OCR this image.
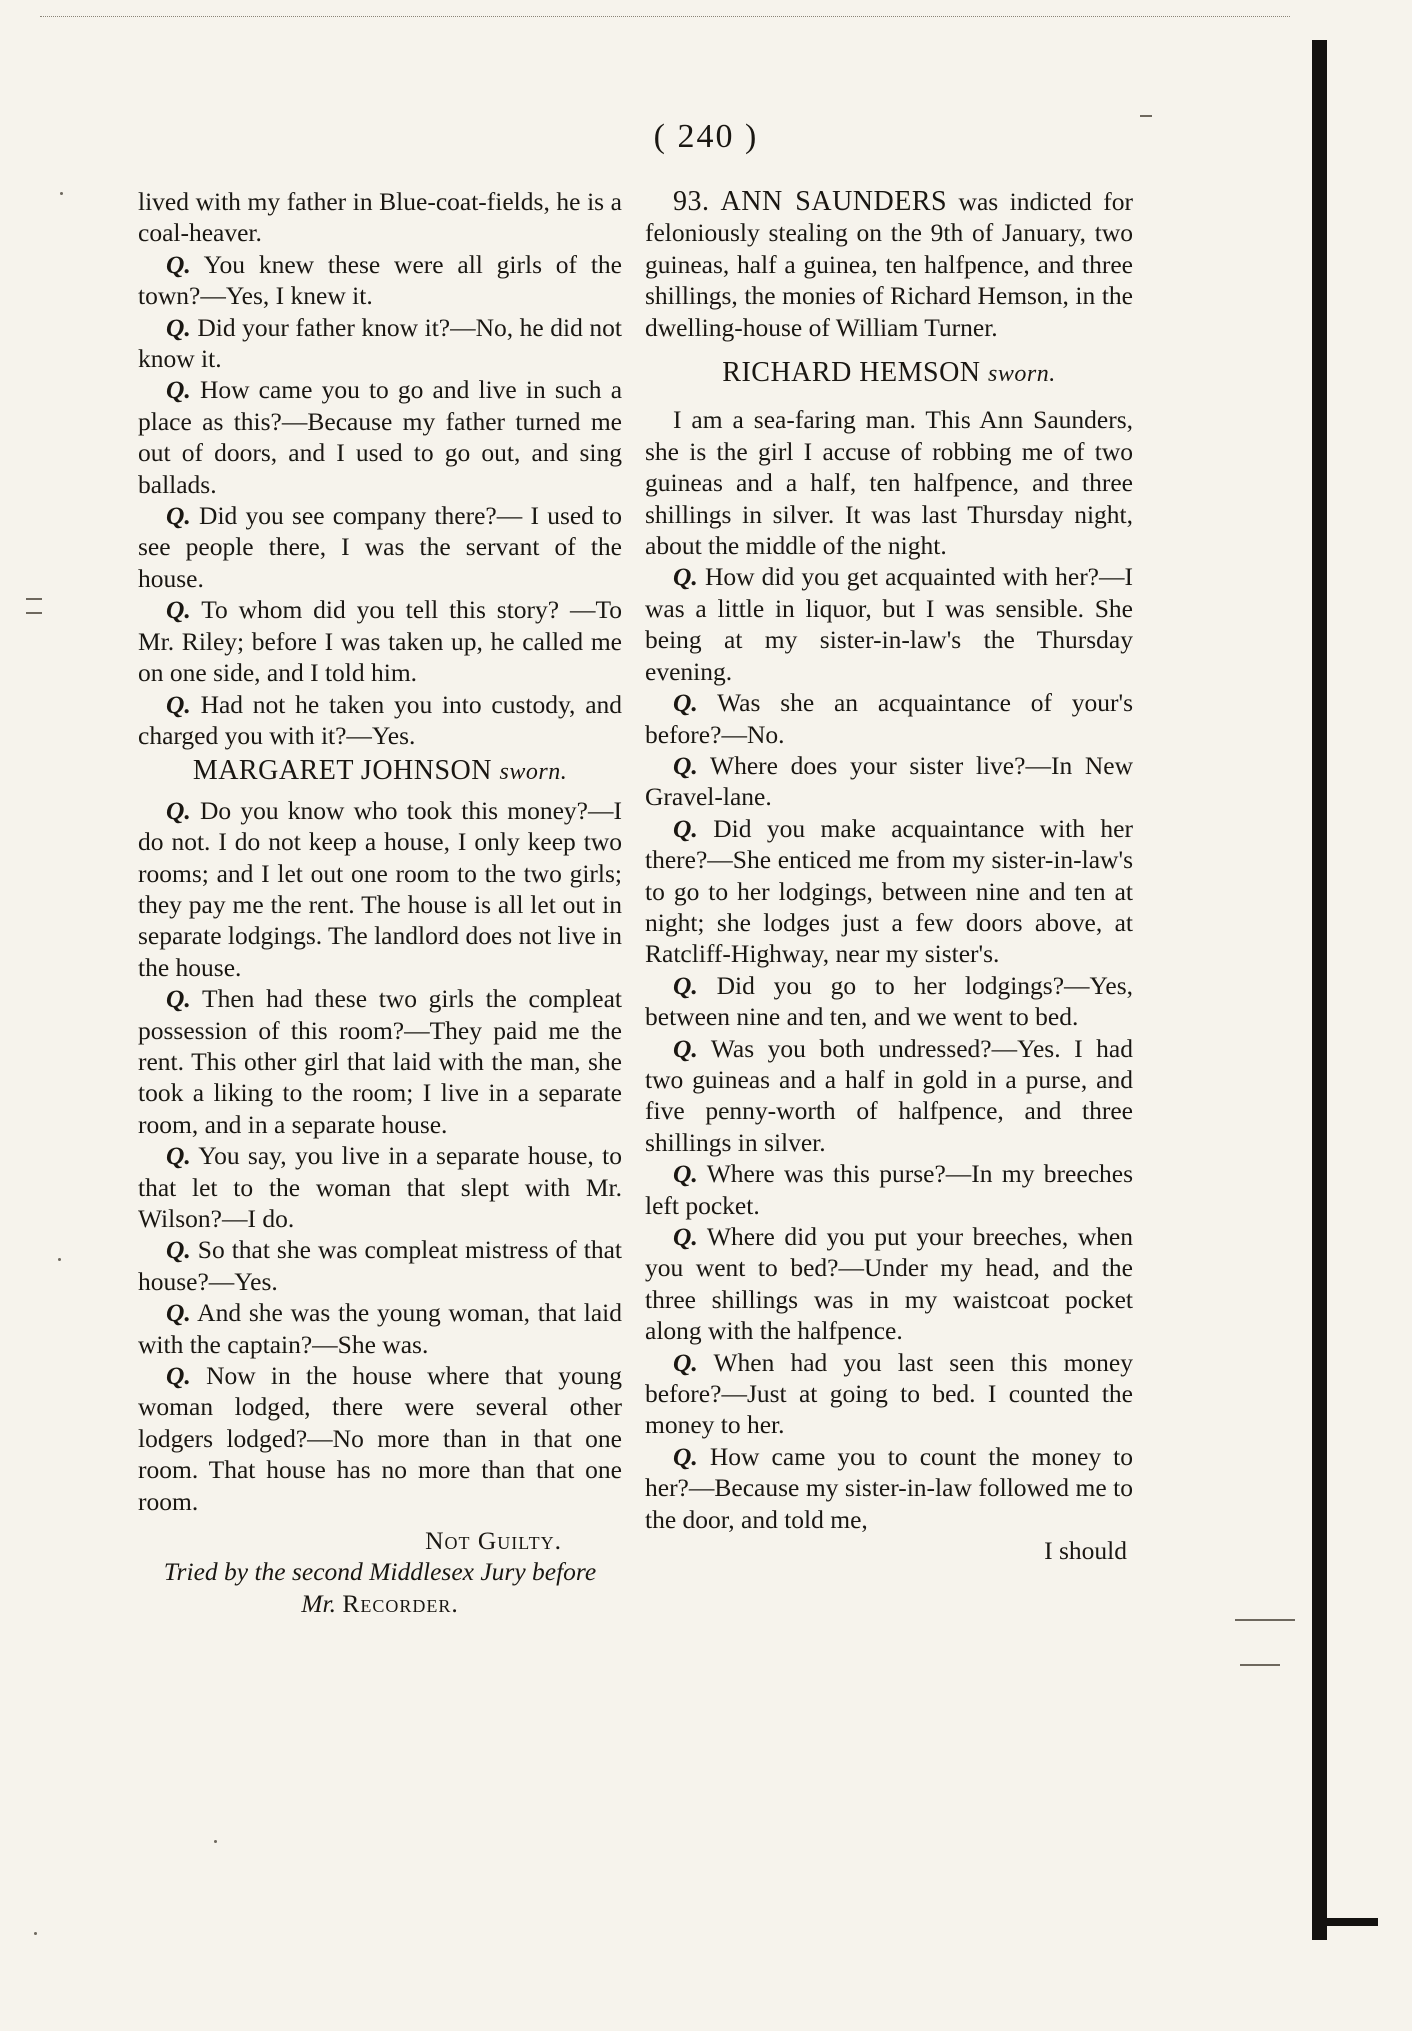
( 240 )

lived with my father in Blue-coat-fields, he is a coal-heaver.

Q. You knew these were all girls of the town?—Yes, I knew it.

Q. Did your father know it?—No, he did not know it.

Q. How came you to go and live in such a place as this?—Because my father turned me out of doors, and I used to go out, and sing ballads.

Q. Did you see company there?— I used to see people there, I was the servant of the house.

Q. To whom did you tell this story? —To Mr. Riley; before I was taken up, he called me on one side, and I told him.

Q. Had not he taken you into custody, and charged you with it?—Yes.

MARGARET JOHNSON sworn.

Q. Do you know who took this money?—I do not. I do not keep a house, I only keep two rooms; and I let out one room to the two girls; they pay me the rent. The house is all let out in separate lodgings. The landlord does not live in the house.

Q. Then had these two girls the compleat possession of this room?—They paid me the rent. This other girl that laid with the man, she took a liking to the room; I live in a separate room, and in a separate house.

Q. You say, you live in a separate house, to that let to the woman that slept with Mr. Wilson?—I do.

Q. So that she was compleat mistress of that house?—Yes.

Q. And she was the young woman, that laid with the captain?—She was.

Q. Now in the house where that young woman lodged, there were several other lodgers lodged?—No more than in that one room. That house has no more than that one room.

Not Guilty.

Tried by the second Middlesex Jury before

Mr. Recorder.

93. ANN SAUNDERS was indicted for feloniously stealing on the 9th of January, two guineas, half a guinea, ten halfpence, and three shillings, the monies of Richard Hemson, in the dwelling-house of William Turner.

RICHARD HEMSON sworn.

I am a sea-faring man. This Ann Saunders, she is the girl I accuse of robbing me of two guineas and a half, ten halfpence, and three shillings in silver. It was last Thursday night, about the middle of the night.

Q. How did you get acquainted with her?—I was a little in liquor, but I was sensible. She being at my sister-in-law's the Thursday evening.

Q. Was she an acquaintance of your's before?—No.

Q. Where does your sister live?—In New Gravel-lane.

Q. Did you make acquaintance with her there?—She enticed me from my sister-in-law's to go to her lodgings, between nine and ten at night; she lodges just a few doors above, at Ratcliff-Highway, near my sister's.

Q. Did you go to her lodgings?—Yes, between nine and ten, and we went to bed.

Q. Was you both undressed?—Yes. I had two guineas and a half in gold in a purse, and five penny-worth of halfpence, and three shillings in silver.

Q. Where was this purse?—In my breeches left pocket.

Q. Where did you put your breeches, when you went to bed?—Under my head, and the three shillings was in my waistcoat pocket along with the halfpence.

Q. When had you last seen this money before?—Just at going to bed. I counted the money to her.

Q. How came you to count the money to her?—Because my sister-in-law followed me to the door, and told me,

I should
